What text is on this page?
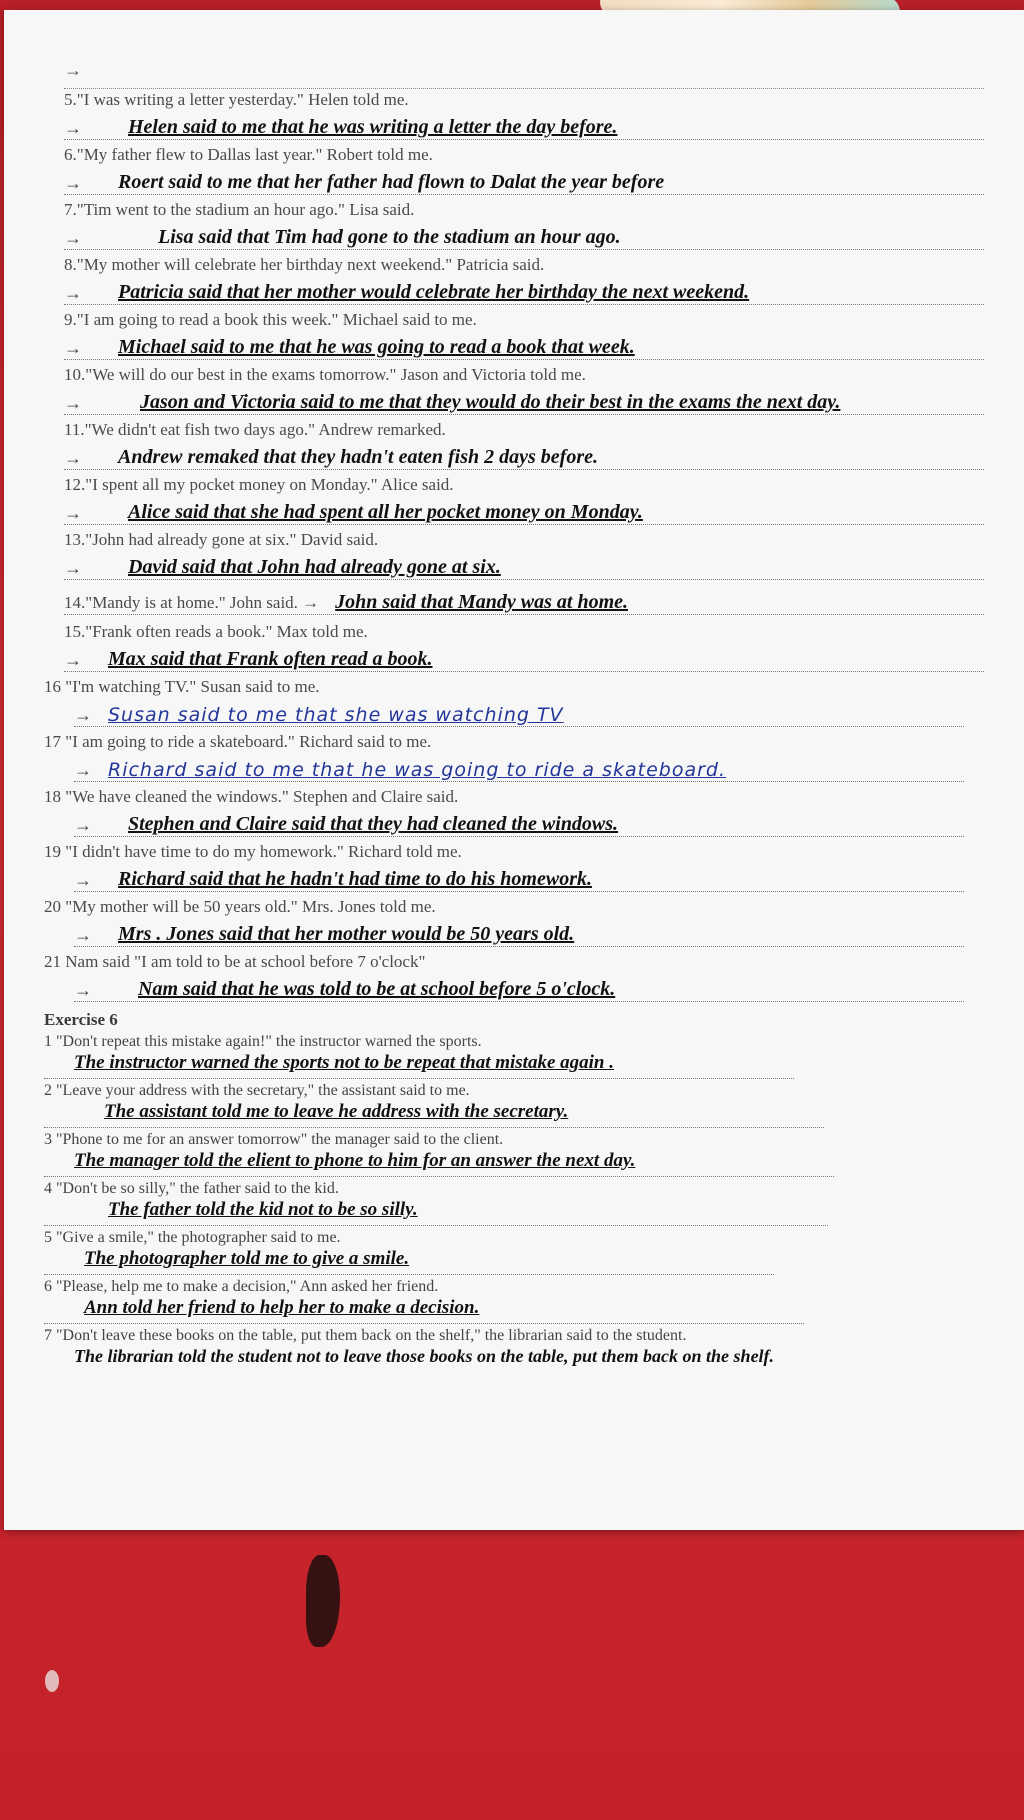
→
5."I was writing a letter yesterday." Helen told me.
→	Helen said to me that he was writing a letter the day before.
6."My father flew to Dallas last year." Robert told me.
→	Roert said to me that her father had flown to Dalat the year before
7."Tim went to the stadium an hour ago." Lisa said.
→	Lisa said that Tim had gone to the stadium an hour ago.
8."My mother will celebrate her birthday next weekend." Patricia said.
→	Patricia said that her mother would celebrate her birthday the next weekend.
9."I am going to read a book this week." Michael said to me.
→	Michael said to me that he was going to read a book that week.
10."We will do our best in the exams tomorrow." Jason and Victoria told me.
→	Jason and Victoria said to me that they would do their best in the exams the next day.
11."We didn't eat fish two days ago." Andrew remarked.
→	Andrew remaked that they hadn't eaten fish 2 days before.
12."I spent all my pocket money on Monday." Alice said.
→	Alice said that she had spent all her pocket money on Monday.
13."John had already gone at six." David said.
→	David said that John had already gone at six.
14."Mandy is at home." John said. → John said that Mandy was at home.
15."Frank often reads a book." Max told me.
→	Max said that Frank often read a book.
16 "I'm watching TV." Susan said to me.
→ Susan said to me that she was watching TV
17 "I am going to ride a skateboard." Richard said to me.
→ Richard said to me that he was going to ride a skateboard.
18 "We have cleaned the windows." Stephen and Claire said.
→	Stephen and Claire said that they had cleaned the windows.
19 "I didn't have time to do my homework." Richard told me.
→	Richard said that he hadn't had time to do his homework.
20 "My mother will be 50 years old." Mrs. Jones told me.
→	Mrs . Jones said that her mother would be 50 years old.
21 Nam said "I am told to be at school before 7 o'clock"
→	Nam said that he was told to be at school before 5 o'clock.
Exercise 6
1 "Don't repeat this mistake again!" the instructor warned the sports.
The instructor warned the sports not to be repeat that mistake again .
2 "Leave your address with the secretary," the assistant said to me.
The assistant told me to leave he address with the secretary.
3 "Phone to me for an answer tomorrow" the manager said to the client.
The manager told the elient to phone to him for an answer the next day.
4 "Don't be so silly," the father said to the kid.
The father told the kid not to be so silly.
5 "Give a smile," the photographer said to me.
The photographer told me to give a smile.
6 "Please, help me to make a decision," Ann asked her friend.
Ann told her friend to help her to make a decision.
7 "Don't leave these books on the table, put them back on the shelf," the librarian said to the student.
The librarian told the student not to leave those books on the table, put them back on the shelf.
